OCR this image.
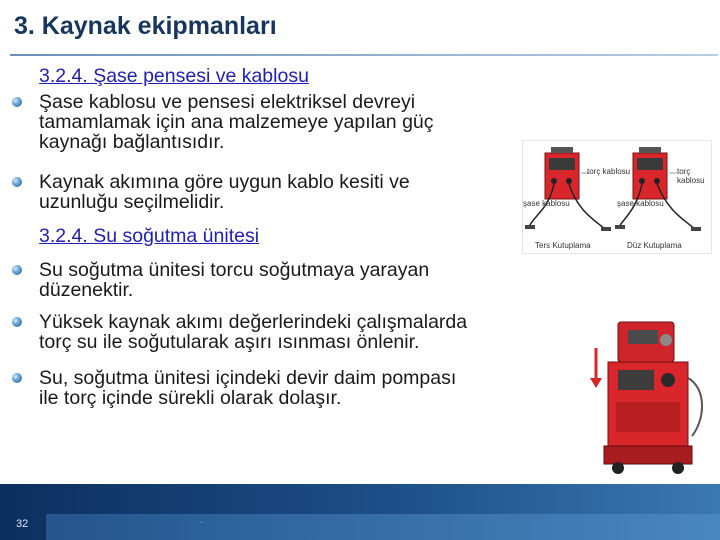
3. Kaynak ekipmanları
3.2.4. Şase pensesi ve kablosu
Şase kablosu ve pensesi elektriksel devreyi
tamamlamak için ana malzemeye yapılan güç
kaynağı bağlantısıdır.
Kaynak akımına göre uygun kablo kesiti ve
uzunluğu seçilmelidir.
3.2.4. Su soğutma ünitesi
Su soğutma ünitesi torcu soğutmaya yarayan
düzenektir.
Yüksek kaynak akımı değerlerindeki çalışmalarda
torç su ile soğutularak aşırı ısınması önlenir.
Su, soğutma ünitesi içindeki devir daim pompası
ile torç içinde sürekli olarak dolaşır.
torç kablosu
şase kablosu
torç kablosu
şase kablosu
Ters Kutuplama	Düz Kutuplama
32	.
